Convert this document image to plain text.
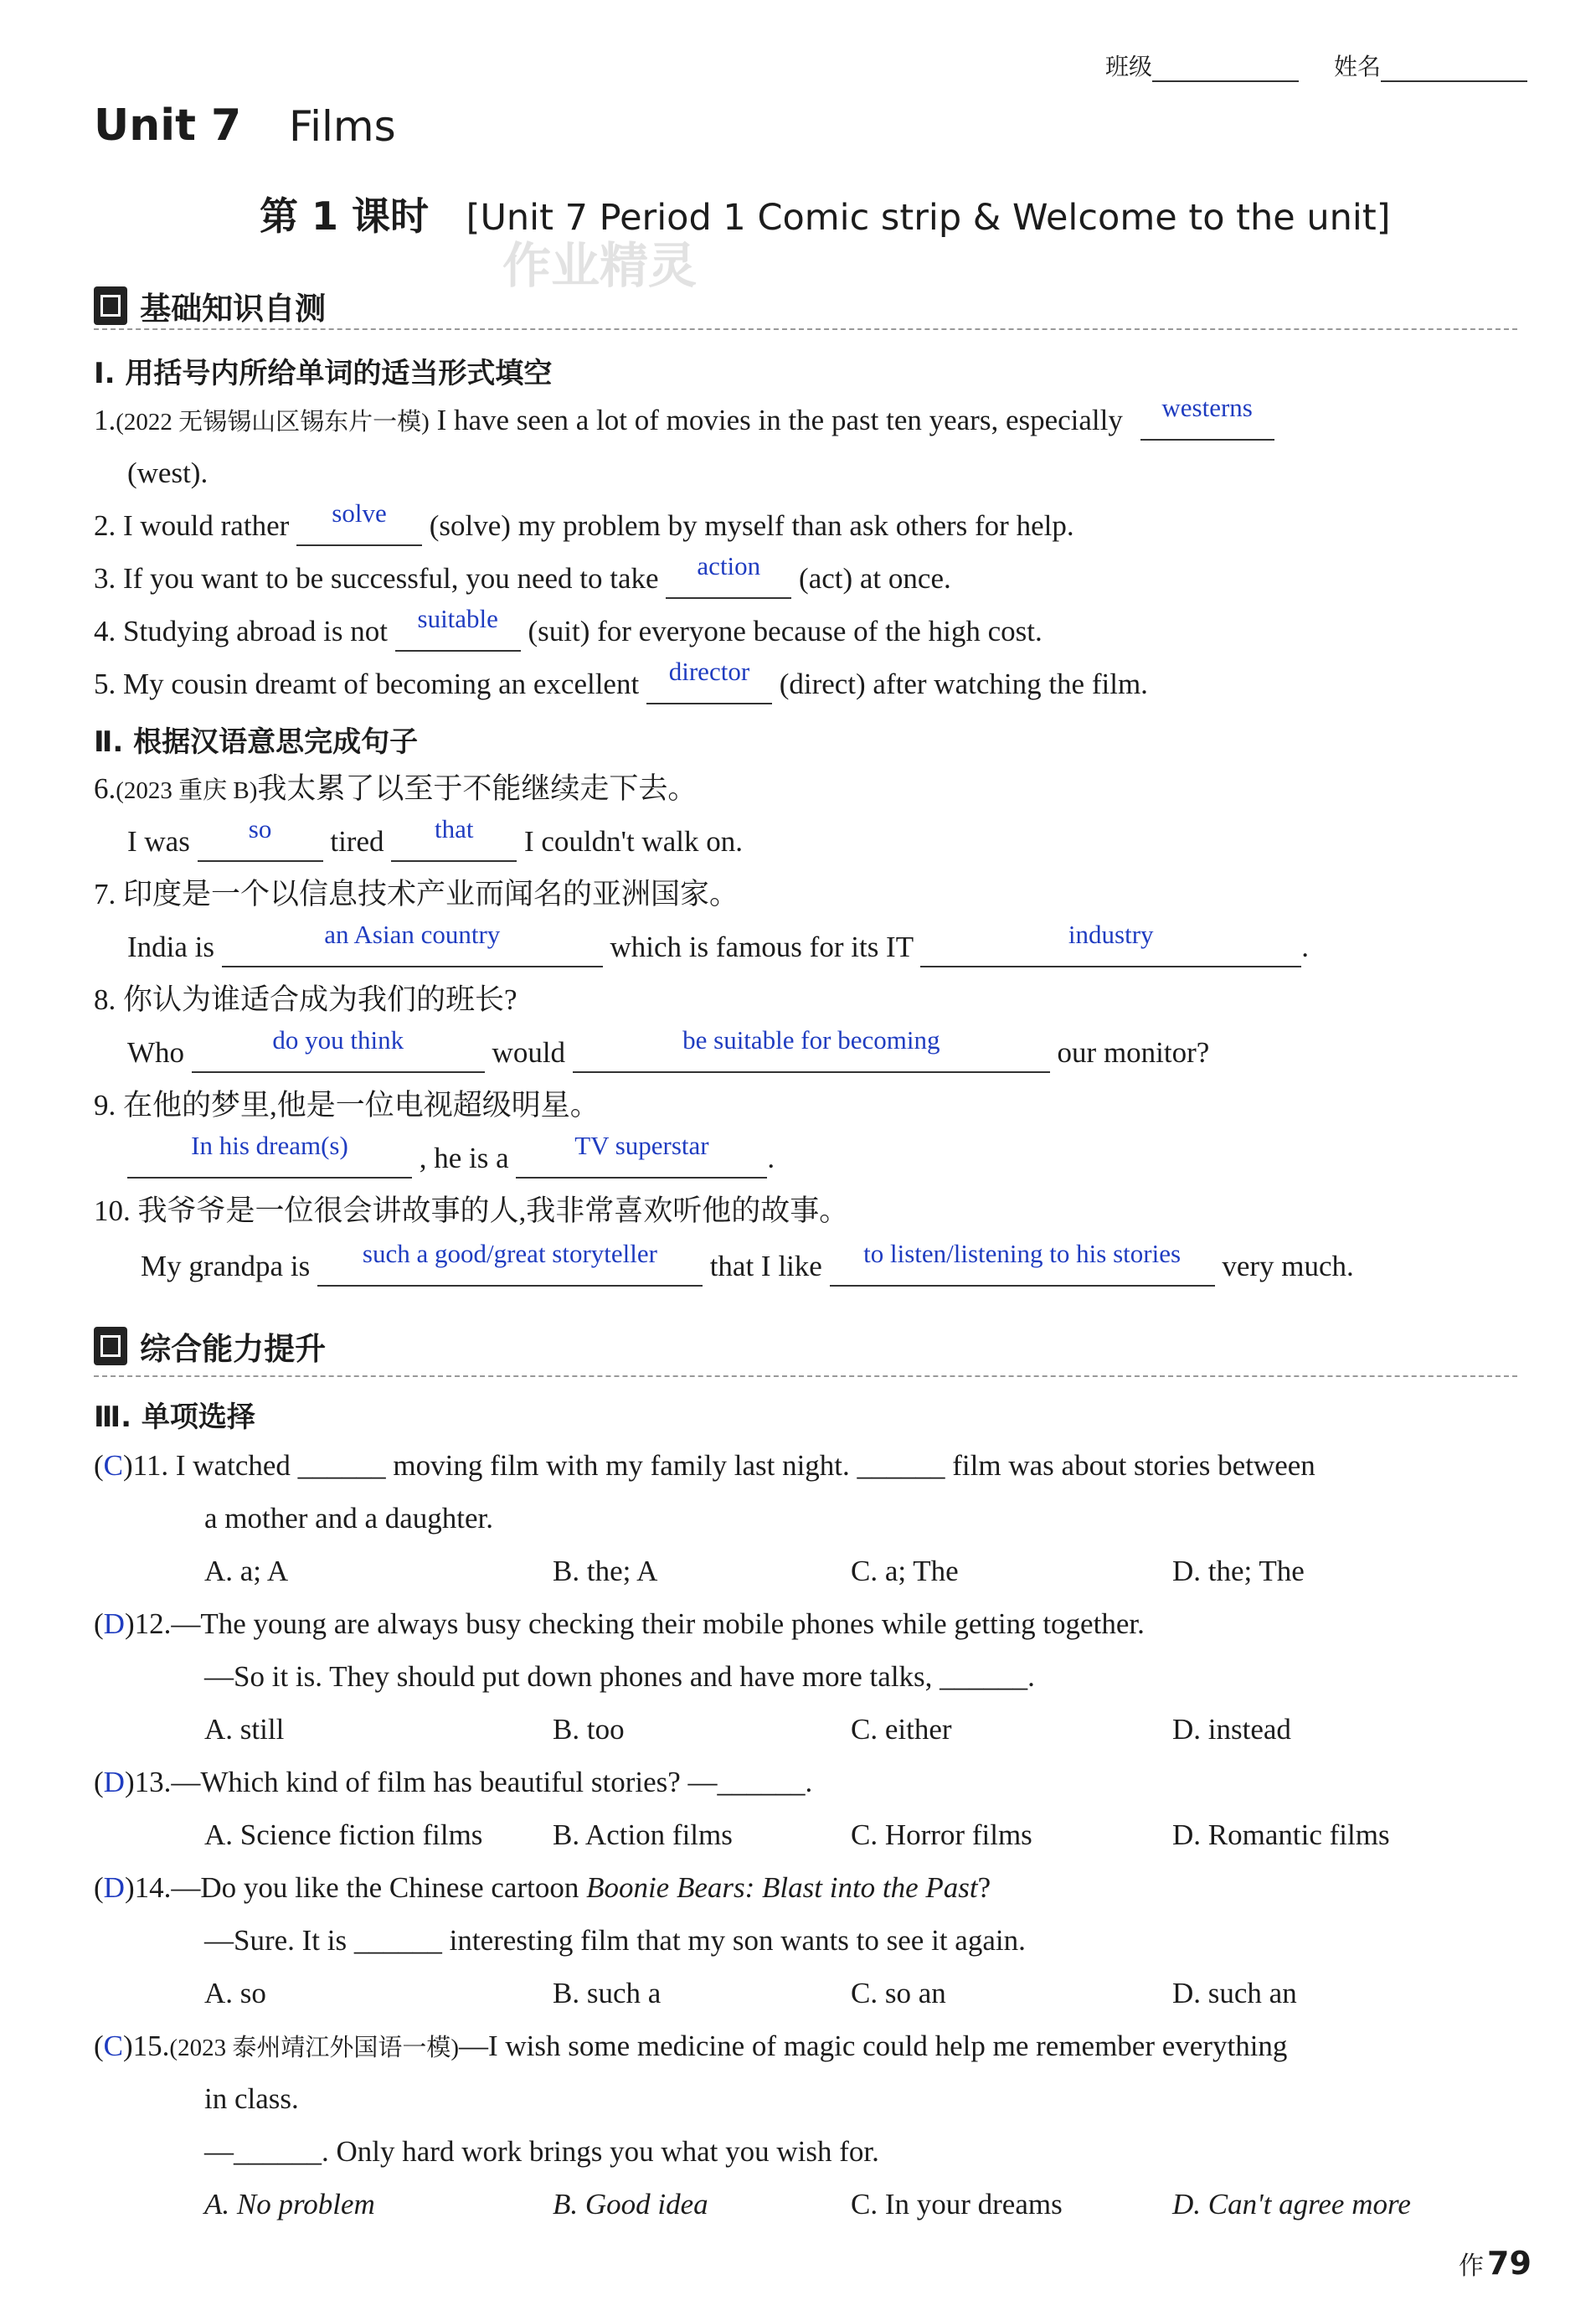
班级	姓名
Unit 7 Films
第 1 课时 [Unit 7 Period 1 Comic strip & Welcome to the unit]
作业精灵
基础知识自测
Ⅰ. 用括号内所给单词的适当形式填空
1.(2022 无锡锡山区锡东片一模) I have seen a lot of movies in the past ten years, especially westerns
(west).
2. I would rather solve (solve) my problem by myself than ask others for help.
3. If you want to be successful, you need to take action (act) at once.
4. Studying abroad is not suitable (suit) for everyone because of the high cost.
5. My cousin dreamt of becoming an excellent director (direct) after watching the film.
Ⅱ. 根据汉语意思完成句子
6.(2023 重庆 B)我太累了以至于不能继续走下去。
I was so tired that I couldn't walk on.
7. 印度是一个以信息技术产业而闻名的亚洲国家。
India is	an Asian country	which is famous for its IT	industry	.
8. 你认为谁适合成为我们的班长?
Who	do you think	would	be suitable for becoming	our monitor?
9. 在他的梦里,他是一位电视超级明星。
In his dream(s) , he is a	TV superstar .
10. 我爷爷是一位很会讲故事的人,我非常喜欢听他的故事。
My grandpa is such a good/great storyteller that I like to listen/listening to his stories very much.
综合能力提升
Ⅲ. 单项选择
(C)11. I watched ______ moving film with my family last night. ______ film was about stories between
a mother and a daughter.
A. a; A	B. the; A	C. a; The	D. the; The
(D)12.—The young are always busy checking their mobile phones while getting together.
—So it is. They should put down phones and have more talks, ______.
A. still	B. too	C. either	D. instead
(D)13.—Which kind of film has beautiful stories? —______.
A. Science fiction films B. Action films	C. Horror films	D. Romantic films
(D)14.—Do you like the Chinese cartoon Boonie Bears: Blast into the Past?
—Sure. It is ______ interesting film that my son wants to see it again.
A. so	B. such a	C. so an	D. such an
(C)15.(2023 泰州靖江外国语一模)—I wish some medicine of magic could help me remember everything
in class.
—______. Only hard work brings you what you wish for.
A. No problem	B. Good idea	C. In your dreams	D. Can't agree more
作 79
